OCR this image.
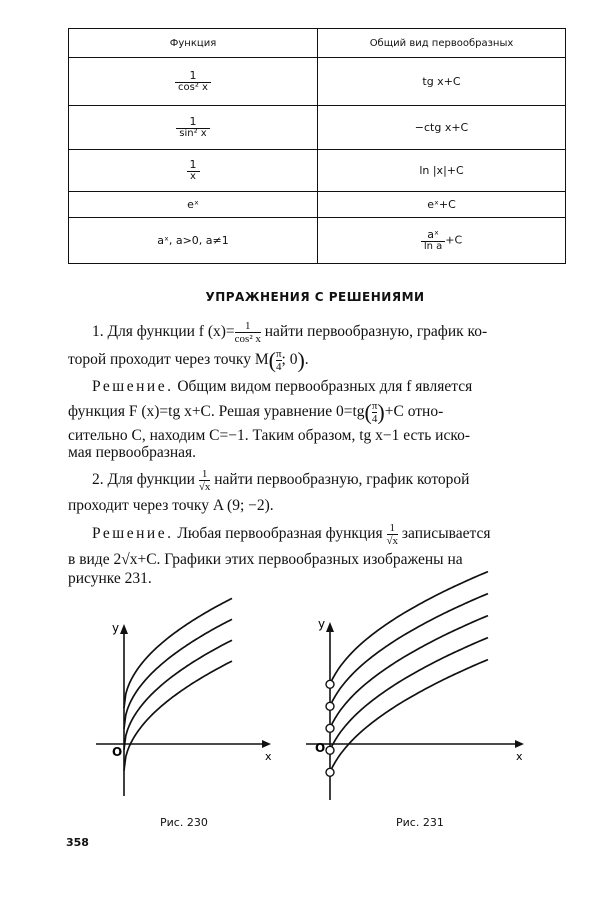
Функция	Общий вид первообразных

$\frac{1}{\text{cos² x}}$	tg x+C

$\frac{1}{\text{sin² x}}$	−ctg x+C

$\frac{1}{x}$	ln |x|+C
eˣ	eˣ+C
aˣ, a>0, a≠1	$\frac{\text{aˣ}}{\text{ln a}} +C$
УПРАЖНЕНИЯ С РЕШЕНИЯМИ
1. Для функции f $(x)= \frac{1}{\text{cos² x}}$ найти первообразную, график ко-
торой проходит через точку $M( \frac{\pi}{4}$ ; 0).
Решение. Общим видом первообразных для f является
функция F (x)=tg x+C. Решая уравнение $0=tg( \frac{\pi}{4} )+C$ отно-
сительно C, находим C=−1. Таким образом, tg x−1 есть иско-
мая первообразная.
2. Для функции $\frac{1}{√x}$ найти первообразную, график которой
проходит через точку A (9; −2).
Решение. Любая первообразная функция $\frac{1}{√x}$ записывается
в виде 2√x+C. Графики этих первообразных изображены на
рисунке 231.
y
x
O
y
x
O
Рис. 230	Рис. 231
358
